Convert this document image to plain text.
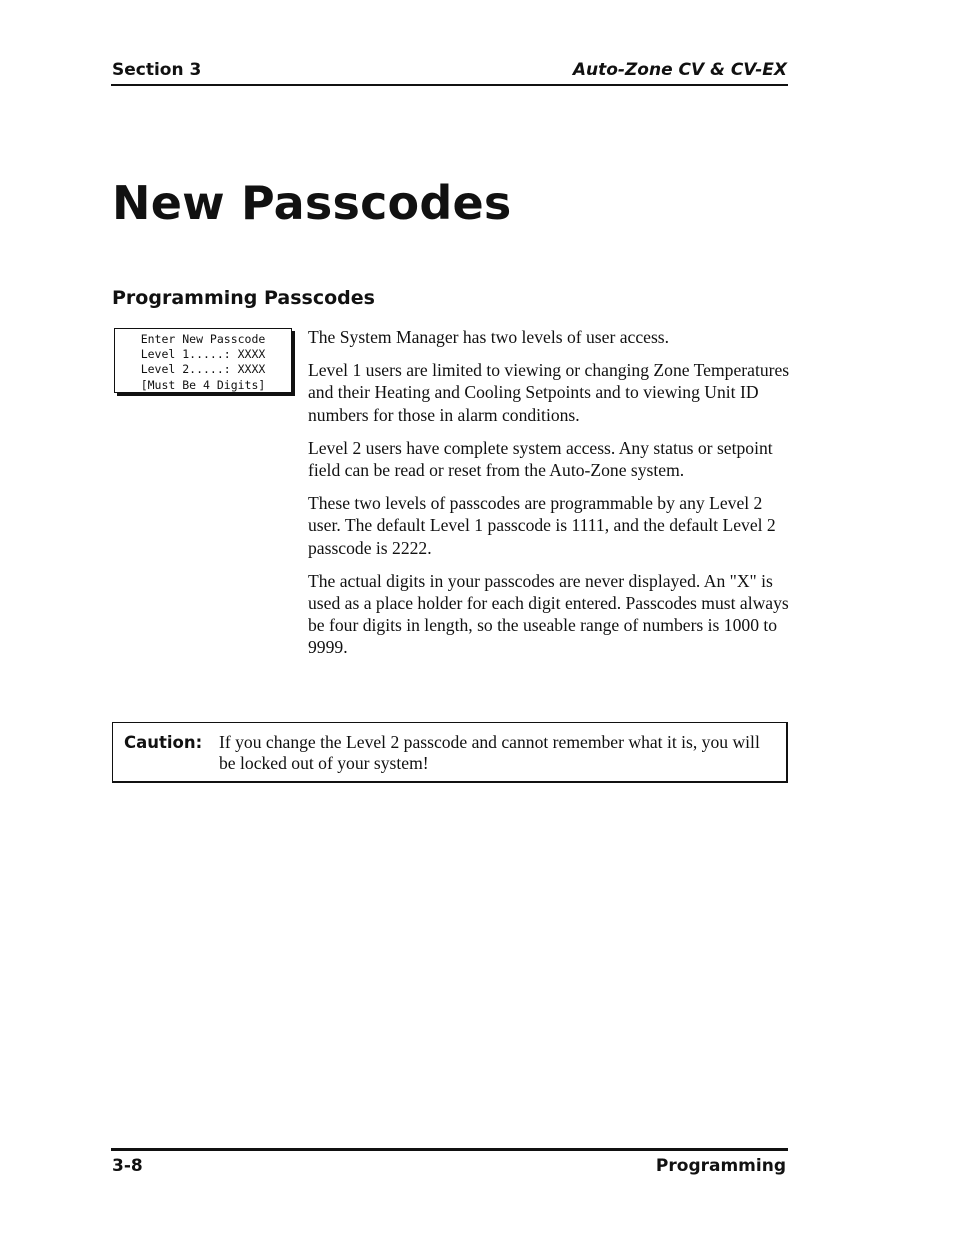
Section 3	Auto-Zone CV & CV-EX
New Passcodes
Programming Passcodes
Enter New Passcode
Level 1.....: XXXX
Level 2.....: XXXX
[Must Be 4 Digits]

The System Manager has two levels of user access.

Level 1 users are limited to viewing or changing Zone Temperatures and their Heating and Cooling Setpoints and to viewing Unit ID numbers for those in alarm conditions.

Level 2 users have complete system access. Any status or setpoint field can be read or reset from the Auto-Zone system.

These two levels of passcodes are programmable by any Level 2 user. The default Level 1 passcode is 1111, and the default Level 2 passcode is 2222.

The actual digits in your passcodes are never displayed. An "X" is used as a place holder for each digit entered. Passcodes must always be four digits in length, so the useable range of numbers is 1000 to 9999.

Caution: If you change the Level 2 passcode and cannot remember what it is, you will be locked out of your system!
3-8	Programming
